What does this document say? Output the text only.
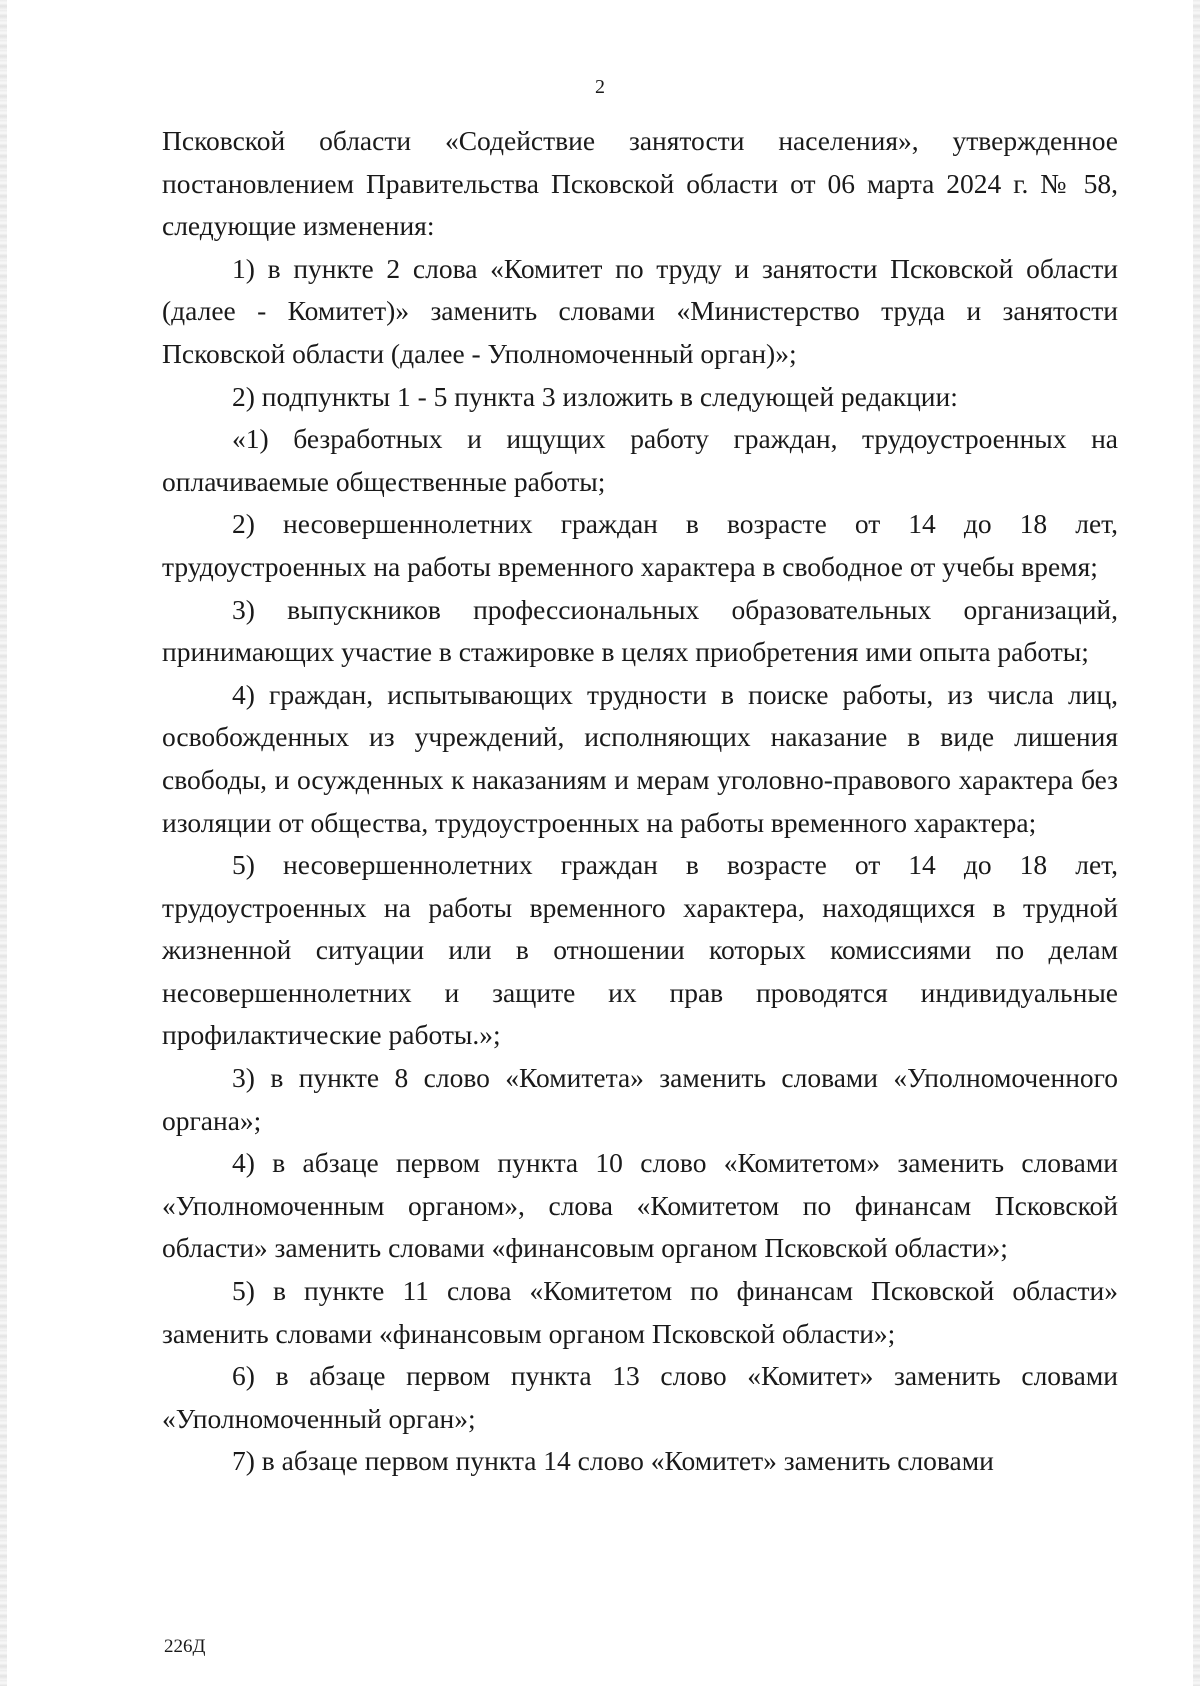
2

Псковской области «Содействие занятости населения», утвержденное постановлением Правительства Псковской области от 06 марта 2024 г. № 58, следующие изменения:

1) в пункте 2 слова «Комитет по труду и занятости Псковской области (далее - Комитет)» заменить словами «Министерство труда и занятости Псковской области (далее - Уполномоченный орган)»;

2) подпункты 1 - 5 пункта 3 изложить в следующей редакции:

«1) безработных и ищущих работу граждан, трудоустроенных на оплачиваемые общественные работы;

2) несовершеннолетних граждан в возрасте от 14 до 18 лет, трудоустроенных на работы временного характера в свободное от учебы время;

3) выпускников профессиональных образовательных организаций, принимающих участие в стажировке в целях приобретения ими опыта работы;

4) граждан, испытывающих трудности в поиске работы, из числа лиц, освобожденных из учреждений, исполняющих наказание в виде лишения свободы, и осужденных к наказаниям и мерам уголовно-правового характера без изоляции от общества, трудоустроенных на работы временного характера;

5) несовершеннолетних граждан в возрасте от 14 до 18 лет, трудоустроенных на работы временного характера, находящихся в трудной жизненной ситуации или в отношении которых комиссиями по делам несовершеннолетних и защите их прав проводятся индивидуальные профилактические работы.»;

3) в пункте 8 слово «Комитета» заменить словами «Уполномоченного органа»;

4) в абзаце первом пункта 10 слово «Комитетом» заменить словами «Уполномоченным органом», слова «Комитетом по финансам Псковской области» заменить словами «финансовым органом Псковской области»;

5) в пункте 11 слова «Комитетом по финансам Псковской области» заменить словами «финансовым органом Псковской области»;

6) в абзаце первом пункта 13 слово «Комитет» заменить словами «Уполномоченный орган»;

7) в абзаце первом пункта 14 слово «Комитет» заменить словами

226Д
